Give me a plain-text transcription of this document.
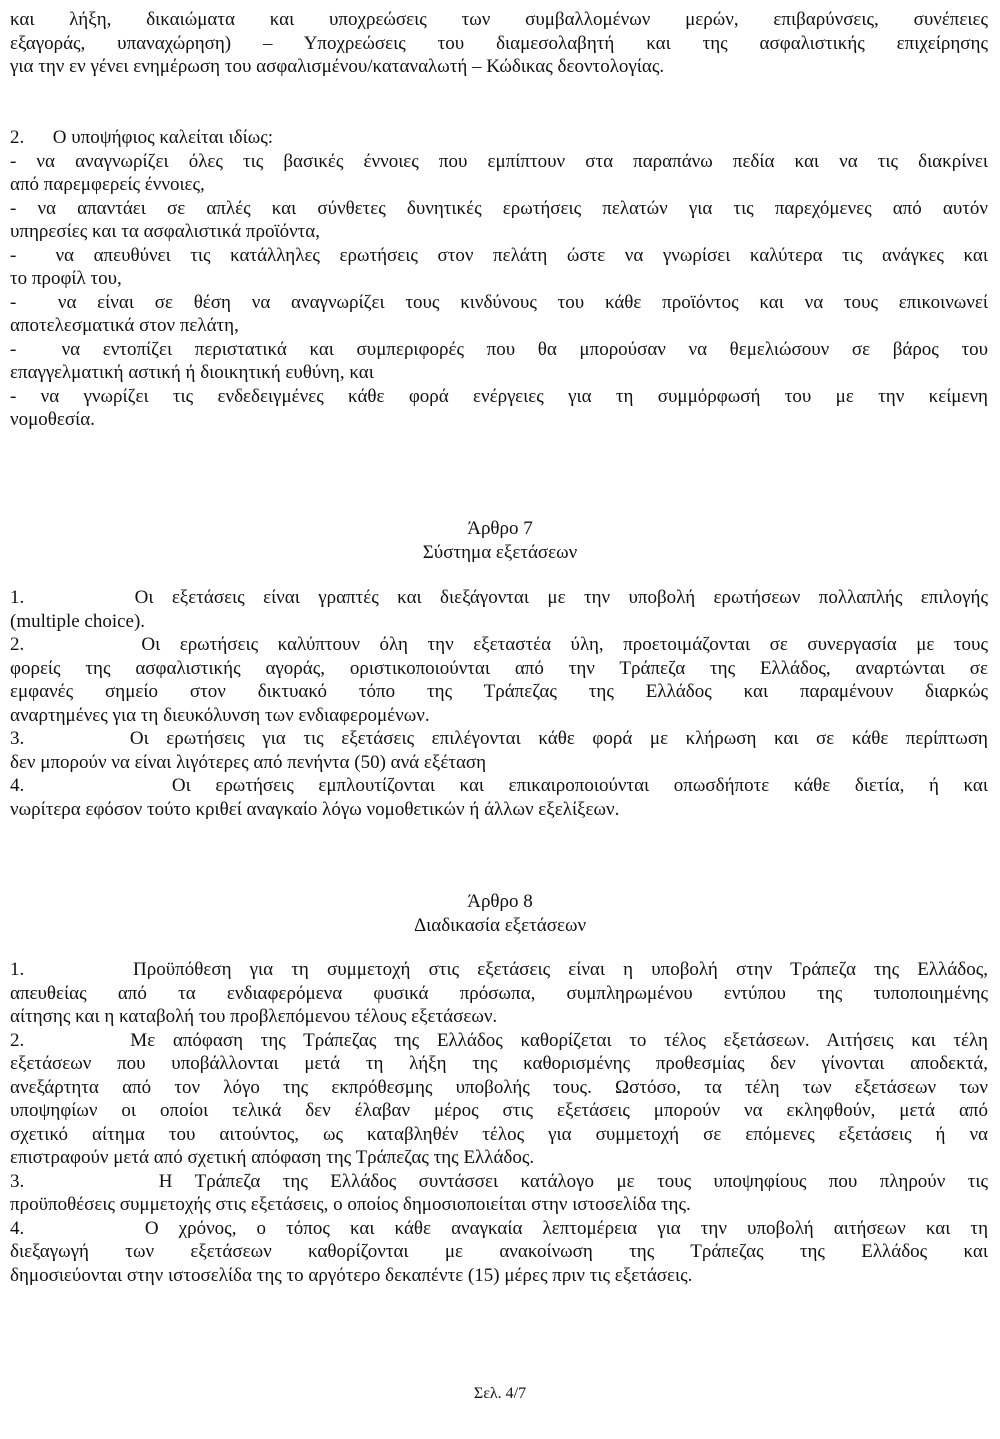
και λήξη, δικαιώματα και υποχρεώσεις των συμβαλλομένων μερών, επιβαρύνσεις, συνέπειες
εξαγοράς, υπαναχώρηση) – Υποχρεώσεις του διαμεσολαβητή και της ασφαλιστικής επιχείρησης
για την εν γένει ενημέρωση του ασφαλισμένου/καταναλωτή – Κώδικας δεοντολογίας.
2.      Ο υποψήφιος καλείται ιδίως:
- να αναγνωρίζει όλες τις βασικές έννοιες που εμπίπτουν στα παραπάνω πεδία και να τις διακρίνει
από παρεμφερείς έννοιες,
- να απαντάει σε απλές και σύνθετες δυνητικές ερωτήσεις πελατών για τις παρεχόμενες από αυτόν
υπηρεσίες και τα ασφαλιστικά προϊόντα,
-  να απευθύνει τις κατάλληλες ερωτήσεις στον πελάτη ώστε να γνωρίσει καλύτερα τις ανάγκες και
το προφίλ του,
-  να είναι σε θέση να αναγνωρίζει τους κινδύνους του κάθε προϊόντος και να τους επικοινωνεί
αποτελεσματικά στον πελάτη,
-  να εντοπίζει περιστατικά και συμπεριφορές που θα μπορούσαν να θεμελιώσουν σε βάρος του
επαγγελματική αστική ή διοικητική ευθύνη, και
- να γνωρίζει τις ενδεδειγμένες κάθε φορά ενέργειες για τη συμμόρφωσή του με την κείμενη
νομοθεσία.
Άρθρο 7
Σύστημα εξετάσεων
1.      Οι εξετάσεις είναι γραπτές και διεξάγονται με την υποβολή ερωτήσεων πολλαπλής επιλογής
(multiple choice).
2.      Οι ερωτήσεις καλύπτουν όλη την εξεταστέα ύλη, προετοιμάζονται σε συνεργασία με τους
φορείς της ασφαλιστικής αγοράς, οριστικοποιούνται από την Τράπεζα της Ελλάδος, αναρτώνται σε
εμφανές σημείο στον δικτυακό τόπο της Τράπεζας της Ελλάδος και παραμένουν διαρκώς
αναρτημένες για τη διευκόλυνση των ενδιαφερομένων.
3.      Οι ερωτήσεις για τις εξετάσεις επιλέγονται κάθε φορά με κλήρωση και σε κάθε περίπτωση
δεν μπορούν να είναι λιγότερες από πενήντα (50) ανά εξέταση
4.      Οι ερωτήσεις εμπλουτίζονται και επικαιροποιούνται οπωσδήποτε κάθε διετία, ή και
νωρίτερα εφόσον τούτο κριθεί αναγκαίο λόγω νομοθετικών ή άλλων εξελίξεων.
Άρθρο 8
Διαδικασία εξετάσεων
1.      Προϋπόθεση για τη συμμετοχή στις εξετάσεις είναι η υποβολή στην Τράπεζα της Ελλάδος,
απευθείας από τα ενδιαφερόμενα φυσικά πρόσωπα, συμπληρωμένου εντύπου της τυποποιημένης
αίτησης και η καταβολή του προβλεπόμενου τέλους εξετάσεων.
2.      Με απόφαση της Τράπεζας της Ελλάδος καθορίζεται το τέλος εξετάσεων. Αιτήσεις και τέλη
εξετάσεων που υποβάλλονται μετά τη λήξη της καθορισμένης προθεσμίας δεν γίνονται αποδεκτά,
ανεξάρτητα από τον λόγο της εκπρόθεσμης υποβολής τους. Ωστόσο, τα τέλη των εξετάσεων των
υποψηφίων οι οποίοι τελικά δεν έλαβαν μέρος στις εξετάσεις μπορούν να εκληφθούν, μετά από
σχετικό αίτημα του αιτούντος, ως καταβληθέν τέλος για συμμετοχή σε επόμενες εξετάσεις ή να
επιστραφούν μετά από σχετική απόφαση της Τράπεζας της Ελλάδος.
3.      Η Τράπεζα της Ελλάδος συντάσσει κατάλογο με τους υποψηφίους που πληρούν τις
προϋποθέσεις συμμετοχής στις εξετάσεις, ο οποίος δημοσιοποιείται στην ιστοσελίδα της.
4.      Ο χρόνος, ο τόπος και κάθε αναγκαία λεπτομέρεια για την υποβολή αιτήσεων και τη
διεξαγωγή των εξετάσεων καθορίζονται με ανακοίνωση της Τράπεζας της Ελλάδος και
δημοσιεύονται στην ιστοσελίδα της το αργότερο δεκαπέντε (15) μέρες πριν τις εξετάσεις.
Σελ. 4/7
